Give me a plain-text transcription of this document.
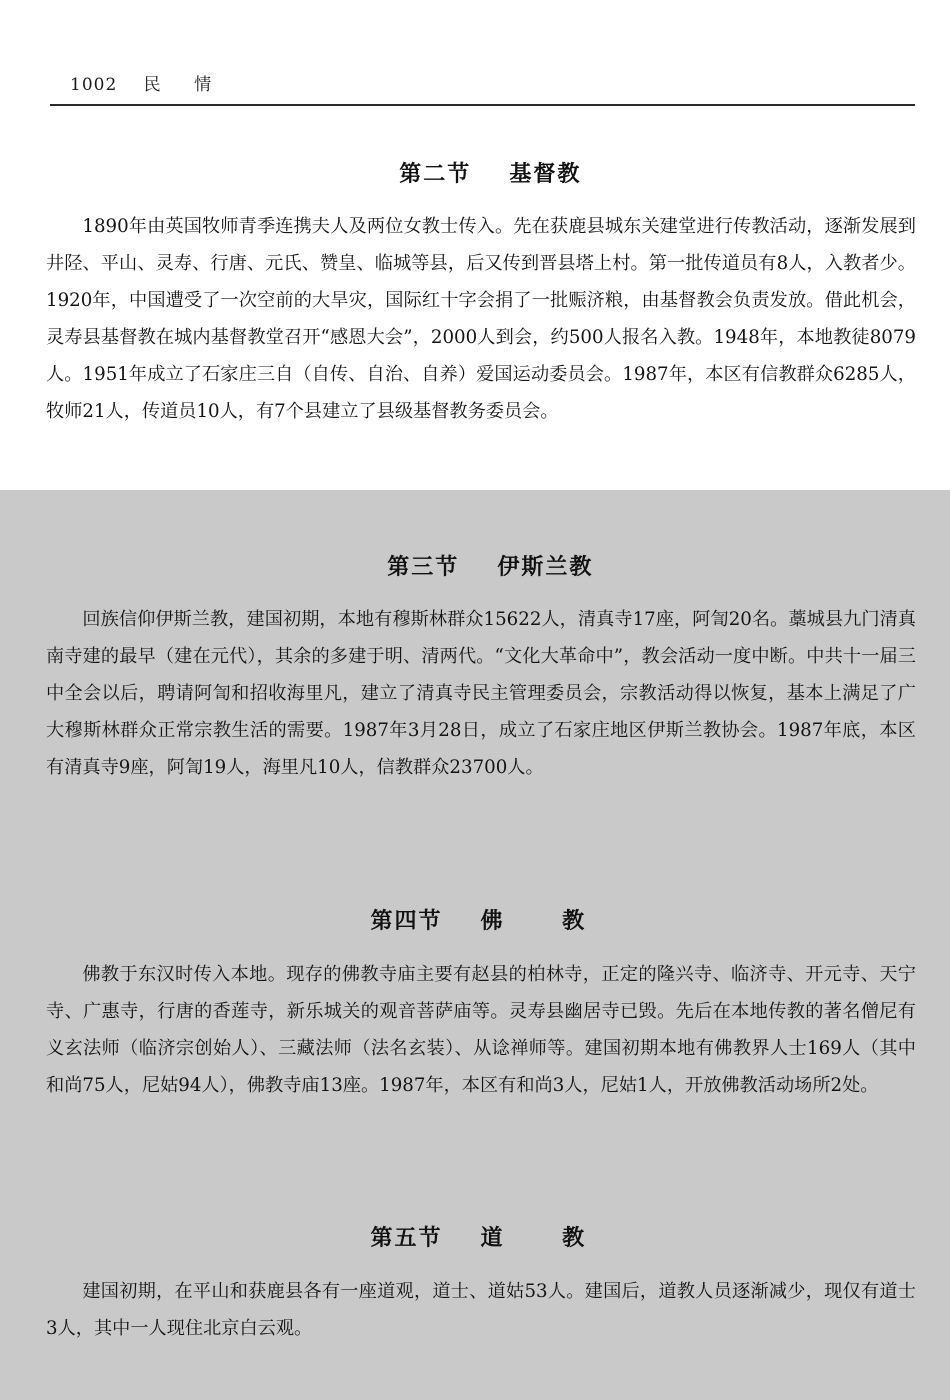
1002 民 情

第二节 基督教

1890年由英国牧师青季连携夫人及两位女教士传入。先在获鹿县城东关建堂进行传教活动，逐渐发展到井陉、平山、灵寿、行唐、元氏、赞皇、临城等县，后又传到晋县塔上村。第一批传道员有8人，入教者少。1920年，中国遭受了一次空前的大旱灾，国际红十字会捐了一批赈济粮，由基督教会负责发放。借此机会，灵寿县基督教在城内基督教堂召开“感恩大会”，2000人到会，约500人报名入教。1948年，本地教徒8079人。1951年成立了石家庄三自（自传、自治、自养）爱国运动委员会。1987年，本区有信教群众6285人，牧师21人，传道员10人，有7个县建立了县级基督教务委员会。

第三节 伊斯兰教

回族信仰伊斯兰教，建国初期，本地有穆斯林群众15622人，清真寺17座，阿訇20名。藁城县九门清真南寺建的最早（建在元代），其余的多建于明、清两代。“文化大革命中”，教会活动一度中断。中共十一届三中全会以后，聘请阿訇和招收海里凡，建立了清真寺民主管理委员会，宗教活动得以恢复，基本上满足了广大穆斯林群众正常宗教生活的需要。1987年3月28日，成立了石家庄地区伊斯兰教协会。1987年底，本区有清真寺9座，阿訇19人，海里凡10人，信教群众23700人。

第四节 佛 教

佛教于东汉时传入本地。现存的佛教寺庙主要有赵县的柏林寺，正定的隆兴寺、临济寺、开元寺、天宁寺、广惠寺，行唐的香莲寺，新乐城关的观音菩萨庙等。灵寿县幽居寺已毁。先后在本地传教的著名僧尼有义玄法师（临济宗创始人）、三藏法师（法名玄装）、从谂禅师等。建国初期本地有佛教界人士169人（其中和尚75人，尼姑94人），佛教寺庙13座。1987年，本区有和尚3人，尼姑1人，开放佛教活动场所2处。

第五节 道 教

建国初期，在平山和获鹿县各有一座道观，道士、道姑53人。建国后，道教人员逐渐减少，现仅有道士3人，其中一人现住北京白云观。
